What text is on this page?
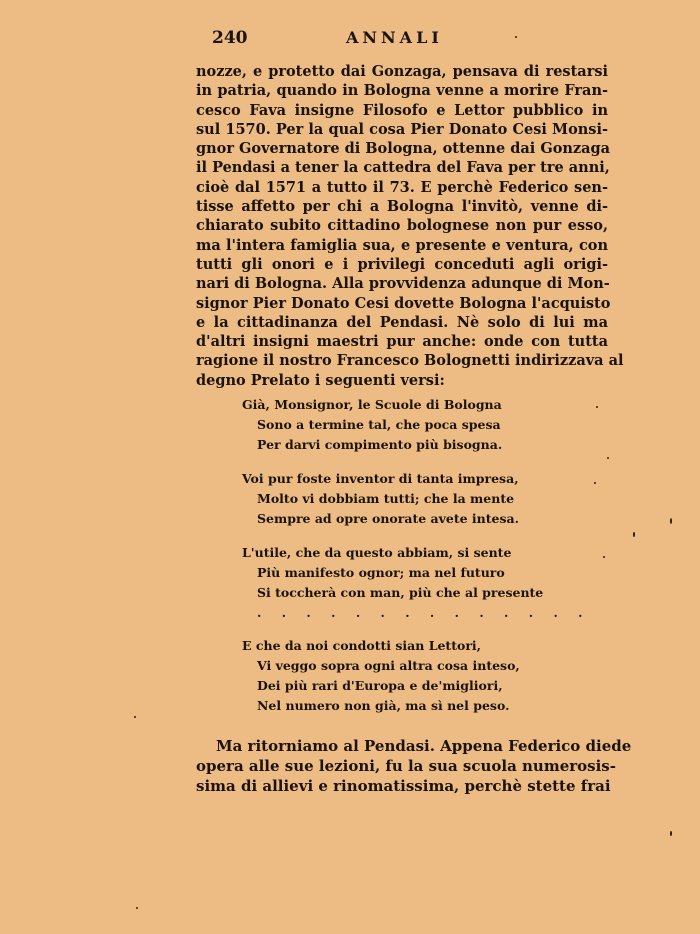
240	ANNALI
nozze, e protetto dai Gonzaga, pensava di restarsi
in patria, quando in Bologna venne a morire Fran-
cesco Fava insigne Filosofo e Lettor pubblico in
sul 1570. Per la qual cosa Pier Donato Cesi Monsi-
gnor Governatore di Bologna, ottenne dai Gonzaga
il Pendasi a tener la cattedra del Fava per tre anni,
cioè dal 1571 a tutto il 73. E perchè Federico sen-
tisse affetto per chi a Bologna l'invitò, venne di-
chiarato subito cittadino bolognese non pur esso,
ma l'intera famiglia sua, e presente e ventura, con
tutti gli onori e i privilegi conceduti agli origi-
nari di Bologna. Alla provvidenza adunque di Mon-
signor Pier Donato Cesi dovette Bologna l'acquisto
e la cittadinanza del Pendasi. Nè solo di lui ma
d'altri insigni maestri pur anche: onde con tutta
ragione il nostro Francesco Bolognetti indirizzava al
degno Prelato i seguenti versi:
Già, Monsignor, le Scuole di Bologna
Sono a termine tal, che poca spesa
Per darvi compimento più bisogna.
Voi pur foste inventor di tanta impresa,
Molto vi dobbiam tutti; che la mente
Sempre ad opre onorate avete intesa.
L'utile, che da questo abbiam, si sente
Più manifesto ognor; ma nel futuro
Si toccherà con man, più che al presente
. . . . . . . . . . . . . .
E che da noi condotti sian Lettori,
Vi veggo sopra ogni altra cosa inteso,
Dei più rari d'Europa e de'migliori,
Nel numero non già, ma sì nel peso.
Ma ritorniamo al Pendasi. Appena Federico diede
opera alle sue lezioni, fu la sua scuola numerosis-
sima di allievi e rinomatissima, perchè stette frai
